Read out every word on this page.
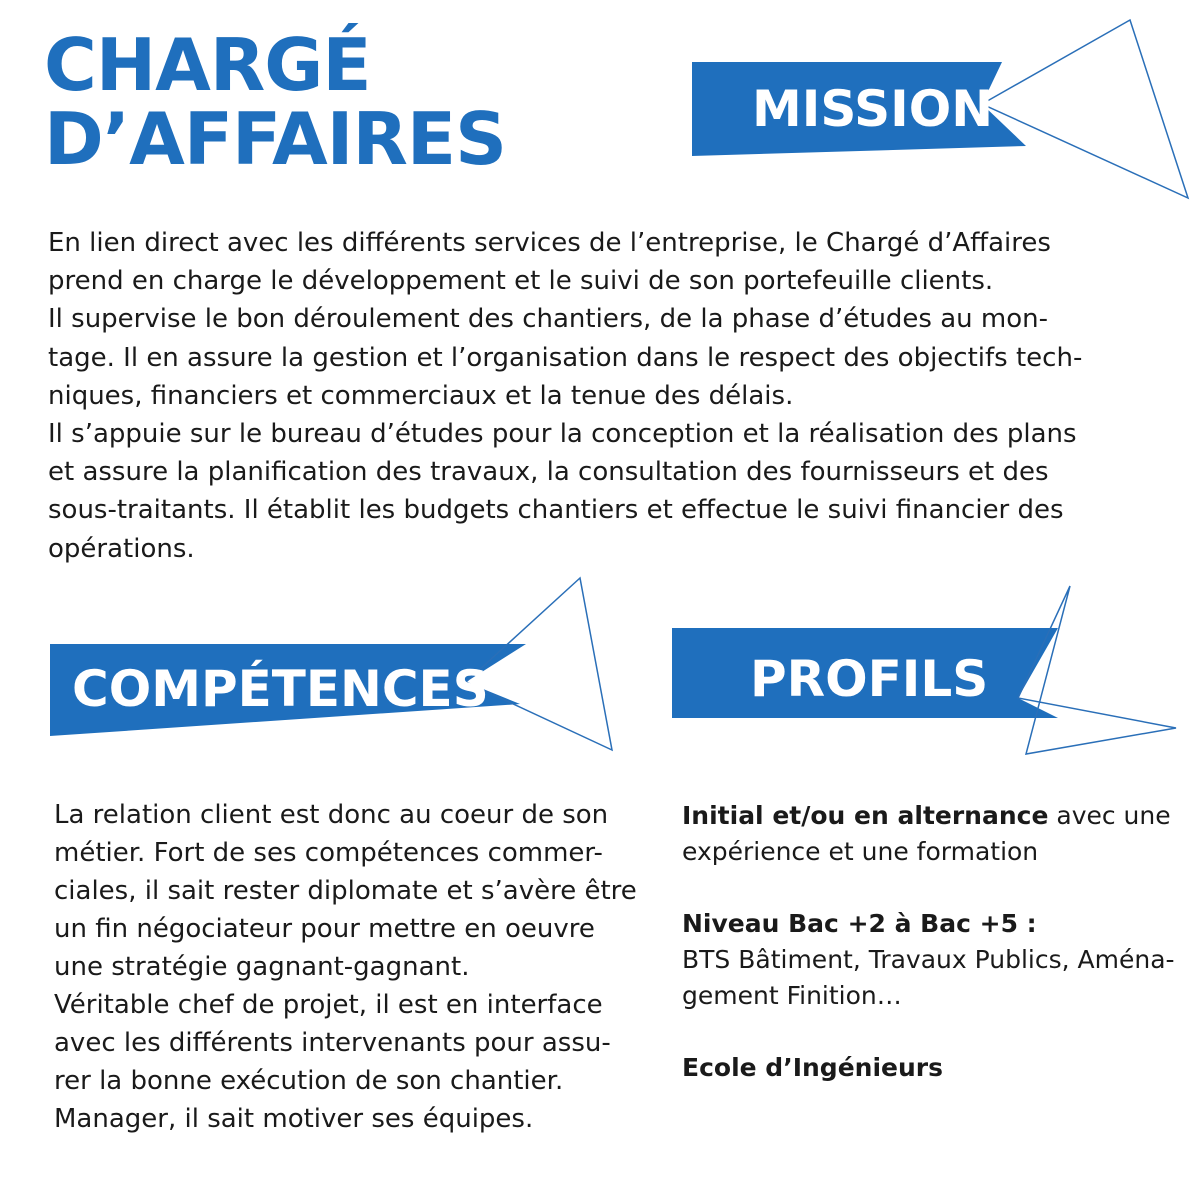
CHARGÉ
D’AFFAIRES	MISSION

En lien direct avec les différents services de l’entreprise, le Chargé d’Affaires
prend en charge le développement et le suivi de son portefeuille clients.
Il supervise le bon déroulement des chantiers, de la phase d’études au mon-
tage. Il en assure la gestion et l’organisation dans le respect des objectifs tech-
niques, financiers et commerciaux et la tenue des délais.
Il s’appuie sur le bureau d’études pour la conception et la réalisation des plans
et assure la planification des travaux, la consultation des fournisseurs et des
sous-traitants. Il établit les budgets chantiers et effectue le suivi financier des
opérations.

COMPÉTENCES

La relation client est donc au coeur de son
métier. Fort de ses compétences commer-
ciales, il sait rester diplomate et s’avère être
un fin négociateur pour mettre en oeuvre
une stratégie gagnant-gagnant.
Véritable chef de projet, il est en interface
avec les différents intervenants pour assu-
rer la bonne exécution de son chantier.
Manager, il sait motiver ses équipes.

PROFILS

Initial et/ou en alternance avec une
expérience et une formation

Niveau Bac +2 à Bac +5 :

BTS Bâtiment, Travaux Publics, Aména-
gement Finition…

Ecole d’Ingénieurs
